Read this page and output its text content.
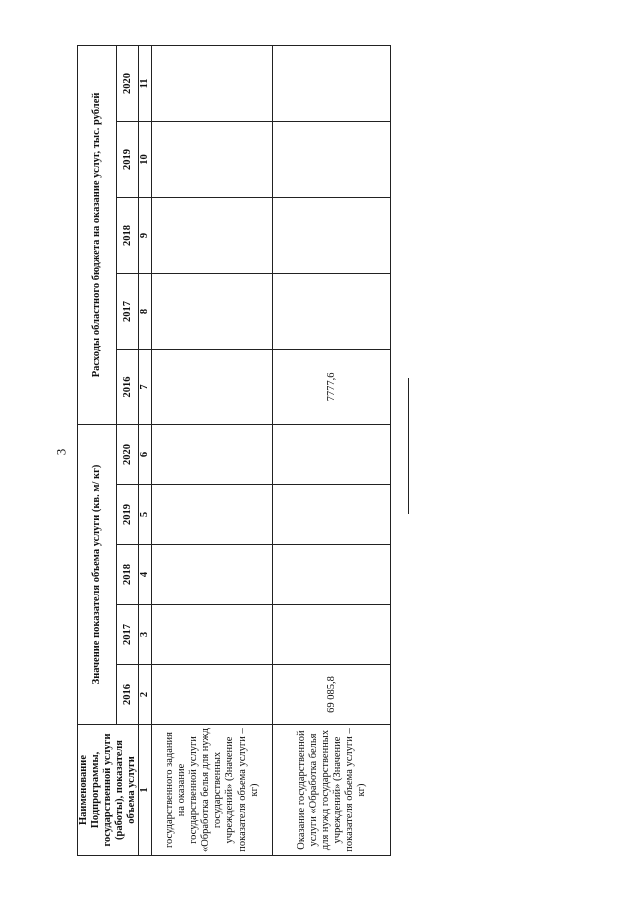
3
Наименование Подпрограммы, государственной услуги (работы), показателя объема услуги	Значение показателя объема услуги (кв. м/ кг)					Расходы областного бюджета на оказание услуг, тыс. рублей				
	2016	2017	2018	2019	2020	2016	2017	2018	2019	2020
1	2	3	4	5	6	7	8	9	10	11
государственного задания на оказание государственной услуги «Обработка белья для нужд государственных учреждений» (Значение показателя объема услуги – кг)										
Оказание государственной услуги «Обработка белья для нужд государственных учреждений» (Значение показателя объема услуги – кг)	69 085,8					7777,6				
